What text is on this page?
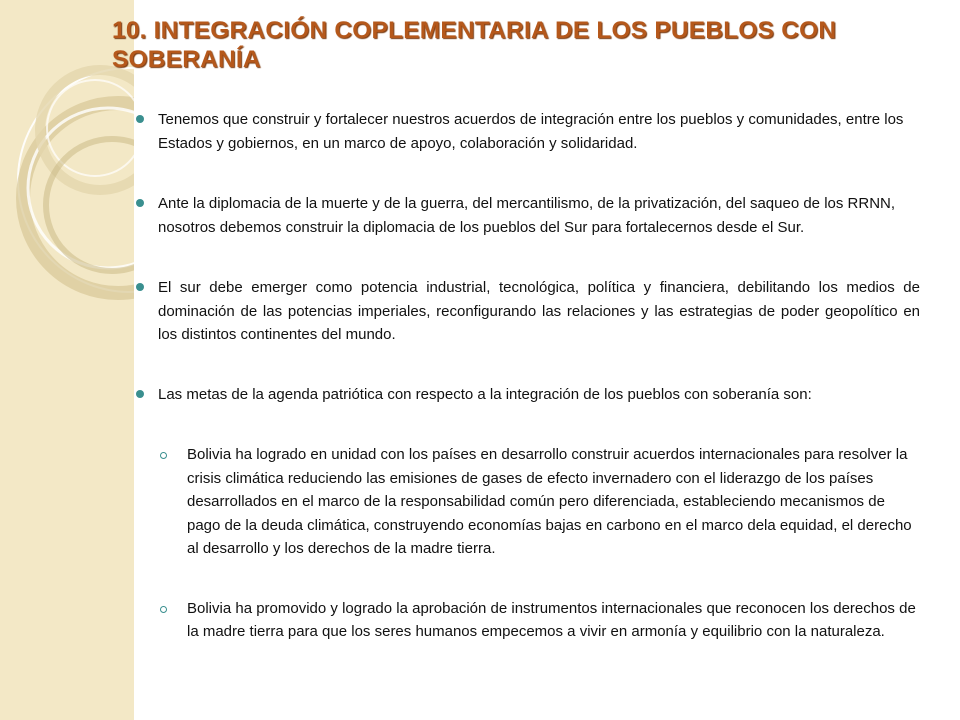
10. INTEGRACIÓN COPLEMENTARIA DE LOS PUEBLOS CON SOBERANÍA
Tenemos que construir y fortalecer nuestros acuerdos de integración entre los pueblos y comunidades, entre los Estados y gobiernos, en un marco de apoyo, colaboración y solidaridad.
Ante la diplomacia de la muerte y de la guerra, del mercantilismo, de la privatización, del saqueo de los RRNN, nosotros debemos construir la diplomacia de los pueblos del Sur para fortalecernos desde el Sur.
El sur debe emerger como potencia industrial, tecnológica, política y financiera, debilitando los medios de dominación de las potencias imperiales, reconfigurando las relaciones y las estrategias de poder geopolítico en los distintos continentes del mundo.
Las metas de la agenda patriótica con respecto a la integración de los pueblos con soberanía son:
Bolivia ha logrado en unidad con los países en desarrollo construir acuerdos internacionales para resolver la crisis climática reduciendo las emisiones de gases de efecto invernadero con el liderazgo de los países desarrollados en el marco de la responsabilidad común pero diferenciada, estableciendo mecanismos de pago de la deuda climática, construyendo economías bajas en carbono en el marco dela equidad, el derecho al desarrollo y los derechos de la madre tierra.
Bolivia ha promovido y logrado la aprobación de instrumentos internacionales que reconocen los derechos de la madre tierra para que los seres humanos empecemos a vivir en armonía y equilibrio con la naturaleza.
